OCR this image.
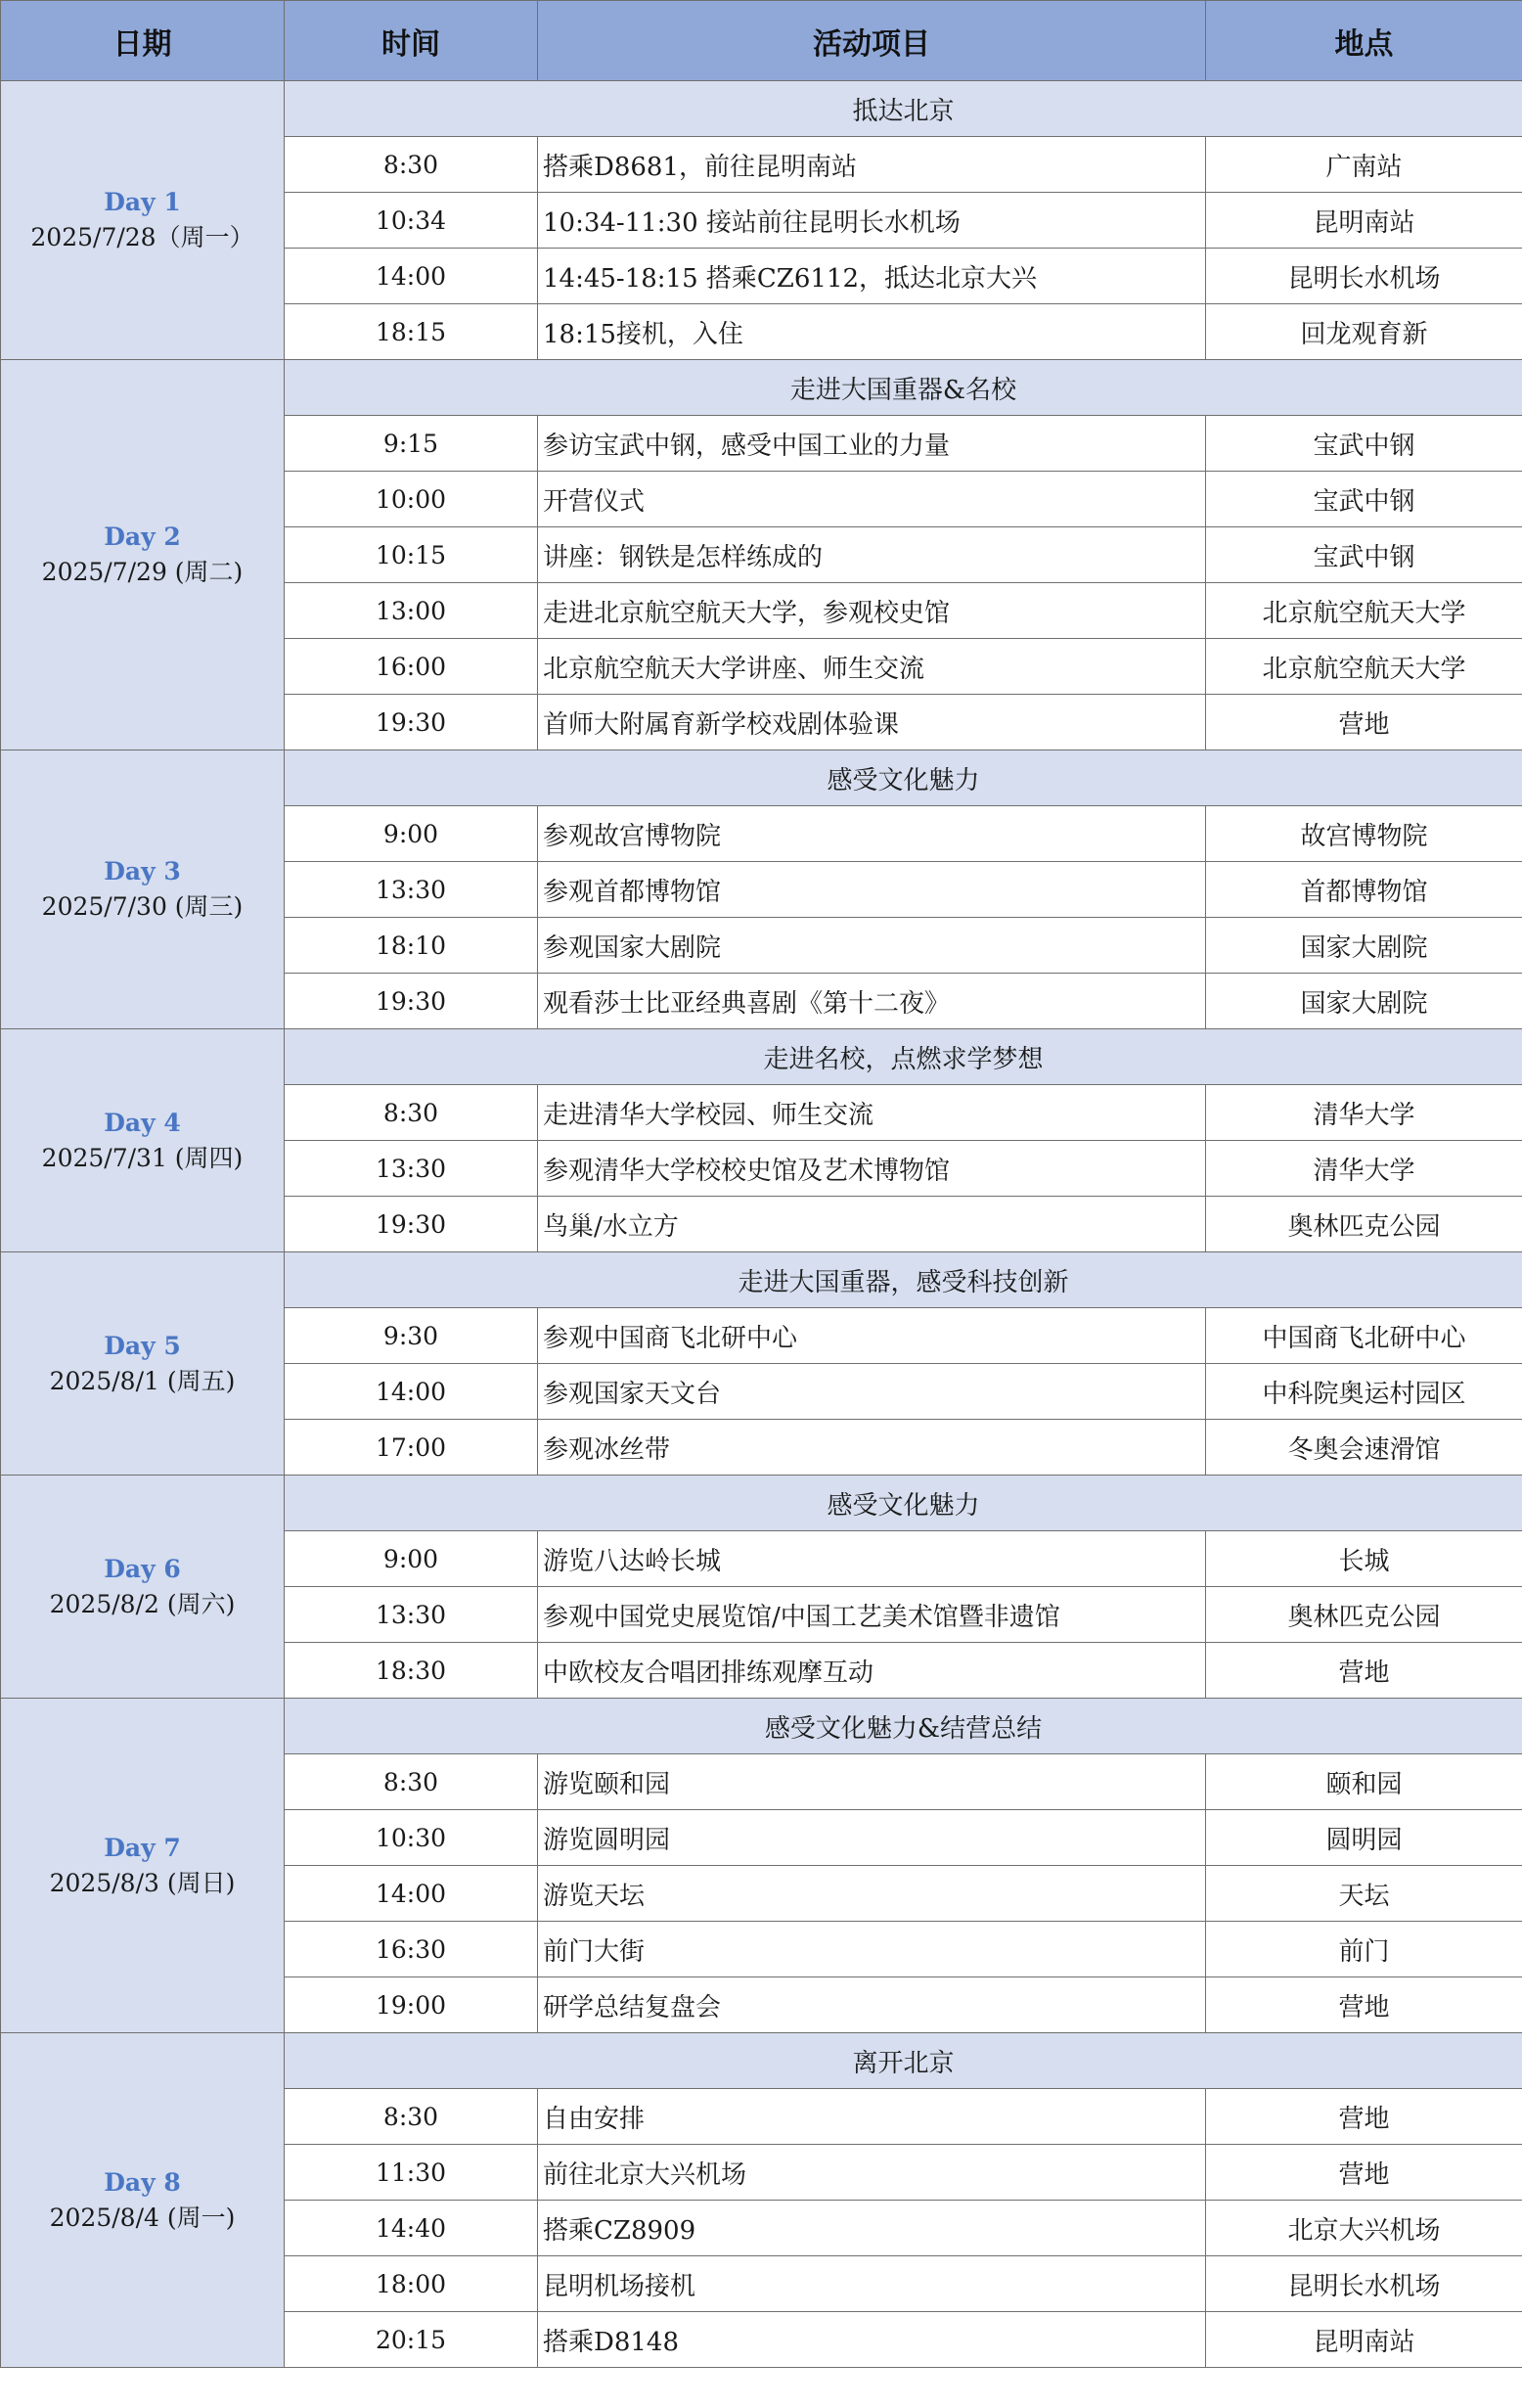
日期	时间	活动项目	地点

Day 1
2025/7/28（周一）	抵达北京		
	8:30	搭乘D8681，前往昆明南站	广南站
	10:34	10:34-11:30 接站前往昆明长水机场	昆明南站
	14:00	14:45-18:15 搭乘CZ6112，抵达北京大兴	昆明长水机场
	18:15	18:15接机，入住	回龙观育新

Day 2
2025/7/29 (周二)	走进大国重器&名校		
	9:15	参访宝武中钢，感受中国工业的力量	宝武中钢
	10:00	开营仪式	宝武中钢
	10:15	讲座：钢铁是怎样练成的	宝武中钢
	13:00	走进北京航空航天大学，参观校史馆	北京航空航天大学
	16:00	北京航空航天大学讲座、师生交流	北京航空航天大学
	19:30	首师大附属育新学校戏剧体验课	营地

Day 3
2025/7/30 (周三)	感受文化魅力		
	9:00	参观故宫博物院	故宫博物院
	13:30	参观首都博物馆	首都博物馆
	18:10	参观国家大剧院	国家大剧院
	19:30	观看莎士比亚经典喜剧《第十二夜》	国家大剧院

Day 4
2025/7/31 (周四)	走进名校，点燃求学梦想		
	8:30	走进清华大学校园、师生交流	清华大学
	13:30	参观清华大学校校史馆及艺术博物馆	清华大学
	19:30	鸟巢/水立方	奥林匹克公园

Day 5
2025/8/1 (周五)	走进大国重器，感受科技创新		
	9:30	参观中国商飞北研中心	中国商飞北研中心
	14:00	参观国家天文台	中科院奥运村园区
	17:00	参观冰丝带	冬奥会速滑馆

Day 6
2025/8/2 (周六)	感受文化魅力		
	9:00	游览八达岭长城	长城
	13:30	参观中国党史展览馆/中国工艺美术馆暨非遗馆	奥林匹克公园
	18:30	中欧校友合唱团排练观摩互动	营地

Day 7
2025/8/3 (周日)	感受文化魅力&结营总结		
	8:30	游览颐和园	颐和园
	10:30	游览圆明园	圆明园
	14:00	游览天坛	天坛
	16:30	前门大街	前门
	19:00	研学总结复盘会	营地

Day 8
2025/8/4 (周一)	离开北京		
	8:30	自由安排	营地
	11:30	前往北京大兴机场	营地
	14:40	搭乘CZ8909	北京大兴机场
	18:00	昆明机场接机	昆明长水机场
	20:15	搭乘D8148	昆明南站
